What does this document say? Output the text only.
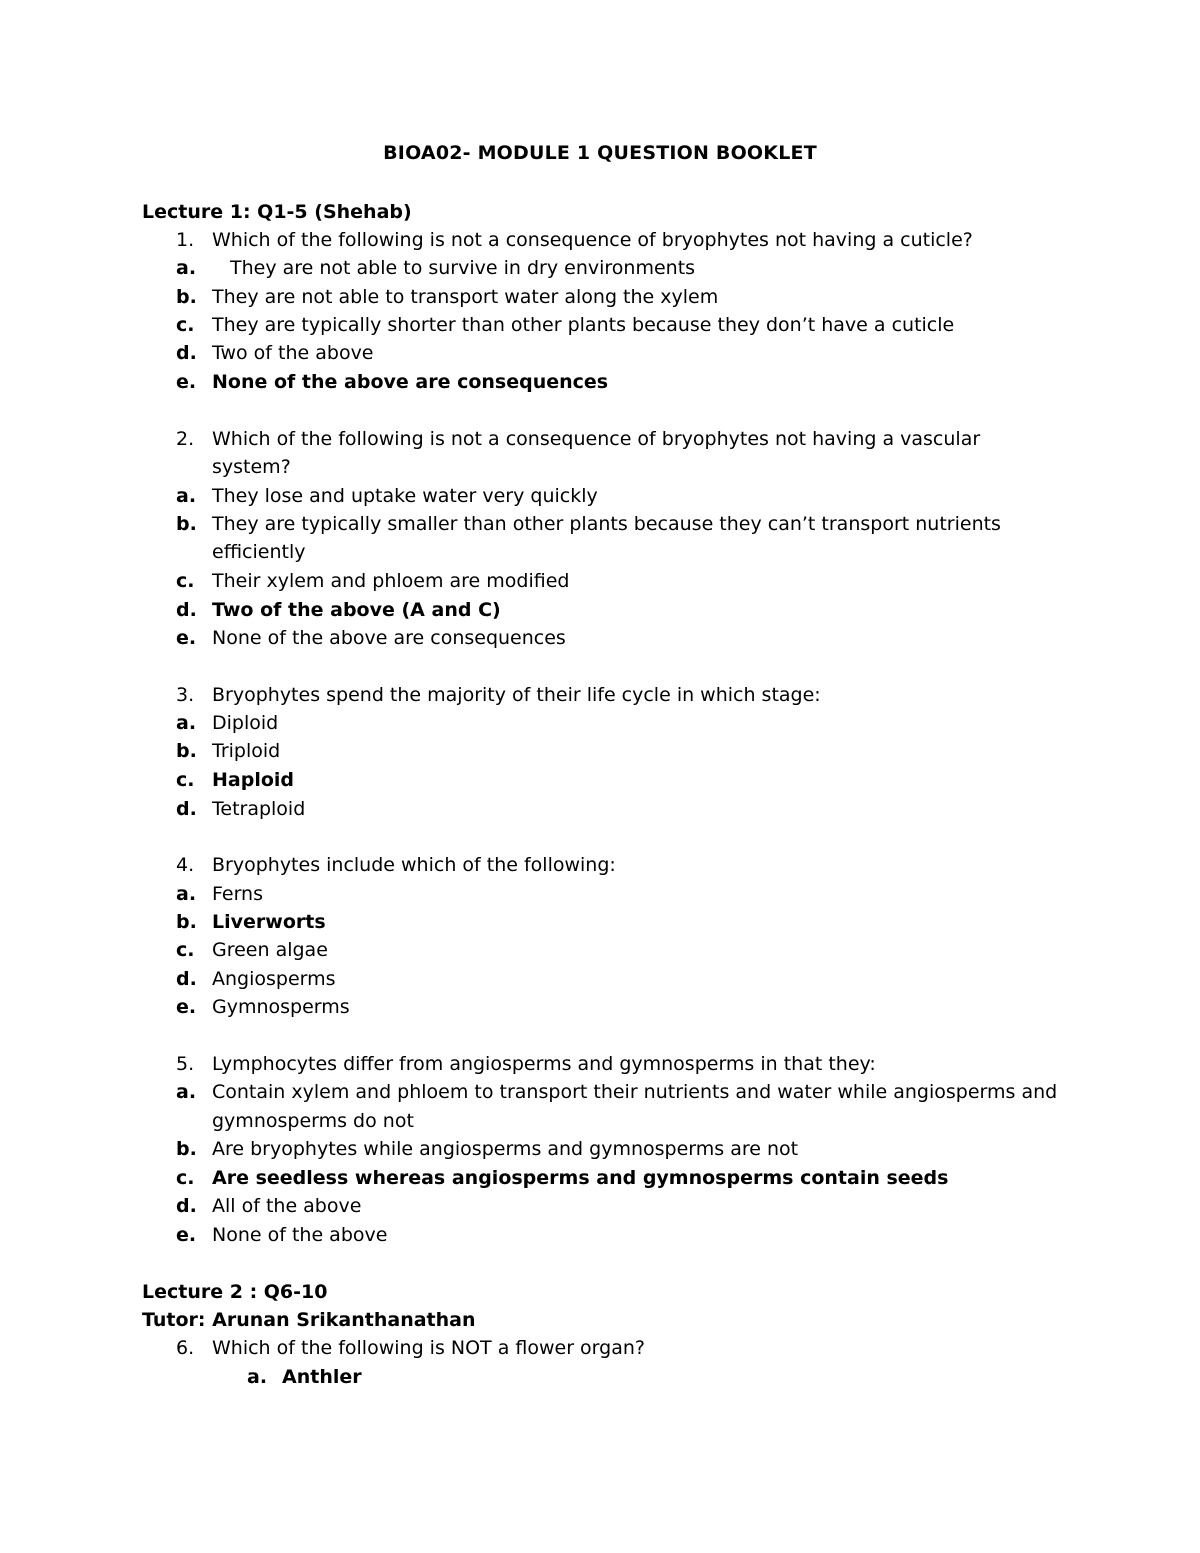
BIOA02- MODULE 1 QUESTION BOOKLET
Lecture 1: Q1-5 (Shehab)
1. Which of the following is not a consequence of bryophytes not having a cuticle?
a. They are not able to survive in dry environments
b. They are not able to transport water along the xylem
c. They are typically shorter than other plants because they don’t have a cuticle
d. Two of the above
e. None of the above are consequences
2. Which of the following is not a consequence of bryophytes not having a vascular
system?
a. They lose and uptake water very quickly
b. They are typically smaller than other plants because they can’t transport nutrients
efficiently
c. Their xylem and phloem are modified
d. Two of the above (A and C)
e. None of the above are consequences
3. Bryophytes spend the majority of their life cycle in which stage:
a. Diploid
b. Triploid
c. Haploid
d. Tetraploid
4. Bryophytes include which of the following:
a. Ferns
b. Liverworts
c. Green algae
d. Angiosperms
e. Gymnosperms
5. Lymphocytes differ from angiosperms and gymnosperms in that they:
a. Contain xylem and phloem to transport their nutrients and water while angiosperms and
gymnosperms do not
b. Are bryophytes while angiosperms and gymnosperms are not
c. Are seedless whereas angiosperms and gymnosperms contain seeds
d. All of the above
e. None of the above
Lecture 2 : Q6-10
Tutor: Arunan Srikanthanathan
6. Which of the following is NOT a flower organ?
a. Anthler
